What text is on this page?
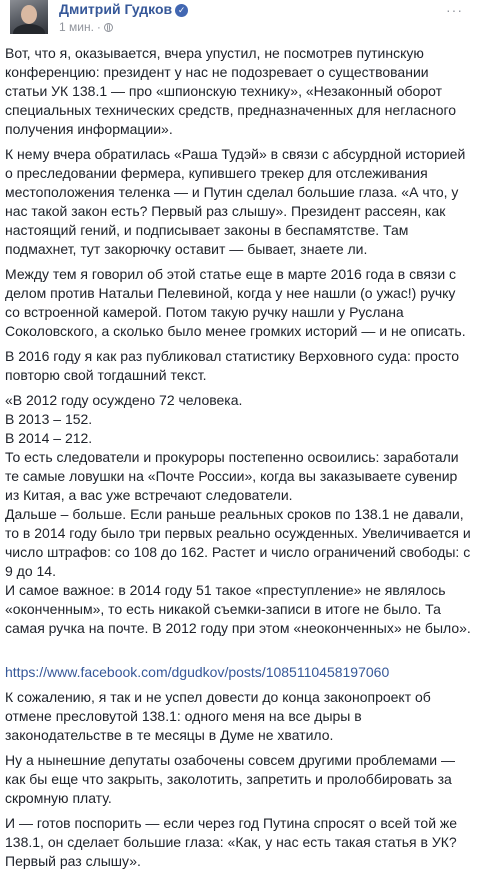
Дмитрий Гудков ✓
1 мин. ·
···

Вот, что я, оказывается, вчера упустил, не посмотрев путинскую конференцию: президент у нас не подозревает о существовании статьи УК 138.1 — про «шпионскую технику», «Незаконный оборот специальных технических средств, предназначенных для негласного получения информации».

К нему вчера обратилась «Раша Тудэй» в связи с абсурдной историей о преследовании фермера, купившего трекер для отслеживания местоположения теленка — и Путин сделал большие глаза. «А что, у нас такой закон есть? Первый раз слышу». Президент рассеян, как настоящий гений, и подписывает законы в беспамятстве. Там подмахнет, тут закорючку оставит — бывает, знаете ли.

Между тем я говорил об этой статье еще в марте 2016 года в связи с делом против Натальи Пелевиной, когда у нее нашли (о ужас!) ручку со встроенной камерой. Потом такую ручку нашли у Руслана Соколовского, а сколько было менее громких историй — и не описать.

В 2016 году я как раз публиковал статистику Верховного суда: просто повторю свой тогдашний текст.

«В 2012 году осуждено 72 человека.
В 2013 – 152.
В 2014 – 212.
То есть следователи и прокуроры постепенно освоились: заработали те самые ловушки на «Почте России», когда вы заказываете сувенир из Китая, а вас уже встречают следователи.
Дальше – больше. Если раньше реальных сроков по 138.1 не давали, то в 2014 году было три первых реально осужденных. Увеличивается и число штрафов: со 108 до 162. Растет и число ограничений свободы: с 9 до 14.
И самое важное: в 2014 году 51 такое «преступление» не являлось «оконченным», то есть никакой съемки-записи в итоге не было. Та самая ручка на почте. В 2012 году при этом «неоконченных» не было».

https://www.facebook.com/dgudkov/posts/1085110458197060

К сожалению, я так и не успел довести до конца законопроект об отмене пресловутой 138.1: одного меня на все дыры в законодательстве в те месяцы в Думе не хватило.

Ну а нынешние депутаты озабочены совсем другими проблемами — как бы еще что закрыть, заколотить, запретить и пролоббировать за скромную плату.

И — готов поспорить — если через год Путина спросят о всей той же 138.1, он сделает большие глаза: «Как, у нас есть такая статья в УК? Первый раз слышу».
